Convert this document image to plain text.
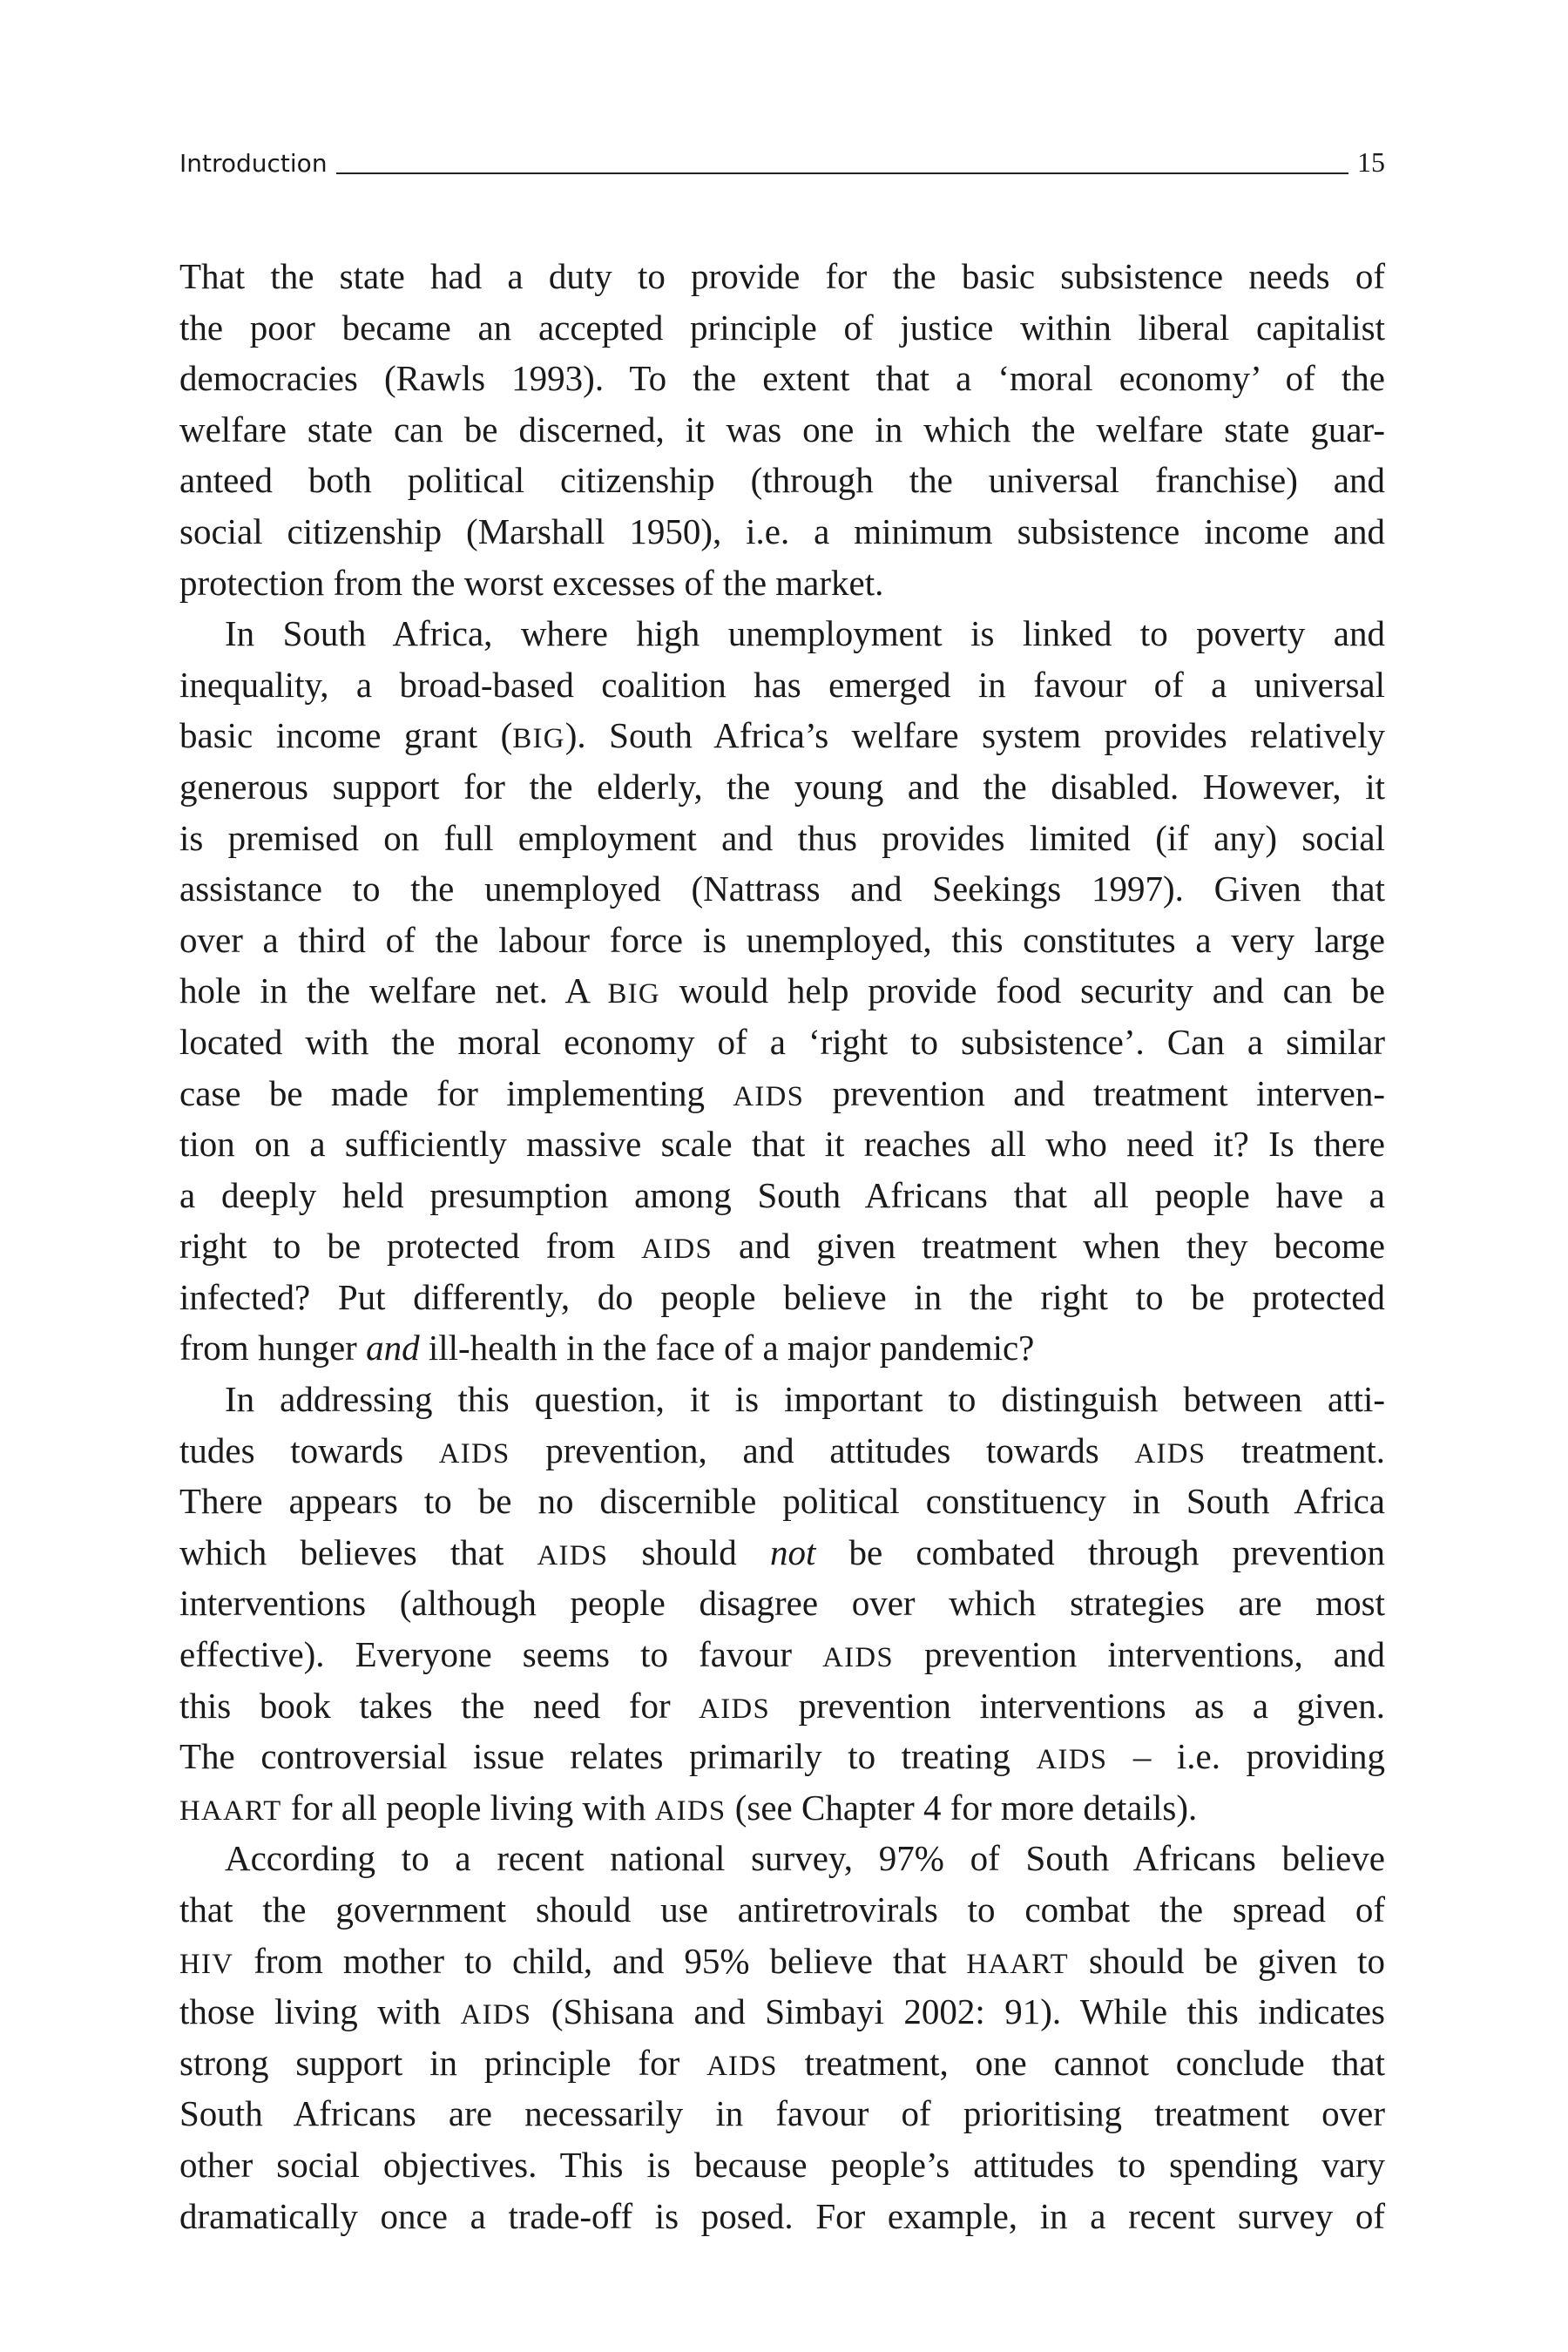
Introduction	15
That the state had a duty to provide for the basic subsistence needs of
the poor became an accepted principle of justice within liberal capitalist
democracies (Rawls 1993). To the extent that a ‘moral economy’ of the
welfare state can be discerned, it was one in which the welfare state guar-
anteed both political citizenship (through the universal franchise) and
social citizenship (Marshall 1950), i.e. a minimum subsistence income and
protection from the worst excesses of the market.
In South Africa, where high unemployment is linked to poverty and
inequality, a broad-based coalition has emerged in favour of a universal
basic income grant (BIG). South Africa’s welfare system provides relatively
generous support for the elderly, the young and the disabled. However, it
is premised on full employment and thus provides limited (if any) social
assistance to the unemployed (Nattrass and Seekings 1997). Given that
over a third of the labour force is unemployed, this constitutes a very large
hole in the welfare net. A BIG would help provide food security and can be
located with the moral economy of a ‘right to subsistence’. Can a similar
case be made for implementing AIDS prevention and treatment interven-
tion on a sufficiently massive scale that it reaches all who need it? Is there
a deeply held presumption among South Africans that all people have a
right to be protected from AIDS and given treatment when they become
infected? Put differently, do people believe in the right to be protected
from hunger and ill-health in the face of a major pandemic?
In addressing this question, it is important to distinguish between atti-
tudes towards AIDS prevention, and attitudes towards AIDS treatment.
There appears to be no discernible political constituency in South Africa
which believes that AIDS should not be combated through prevention
interventions (although people disagree over which strategies are most
effective). Everyone seems to favour AIDS prevention interventions, and
this book takes the need for AIDS prevention interventions as a given.
The controversial issue relates primarily to treating AIDS – i.e. providing
HAART for all people living with AIDS (see Chapter 4 for more details).
According to a recent national survey, 97% of South Africans believe
that the government should use antiretrovirals to combat the spread of
HIV from mother to child, and 95% believe that HAART should be given to
those living with AIDS (Shisana and Simbayi 2002: 91). While this indicates
strong support in principle for AIDS treatment, one cannot conclude that
South Africans are necessarily in favour of prioritising treatment over
other social objectives. This is because people’s attitudes to spending vary
dramatically once a trade-off is posed. For example, in a recent survey of
